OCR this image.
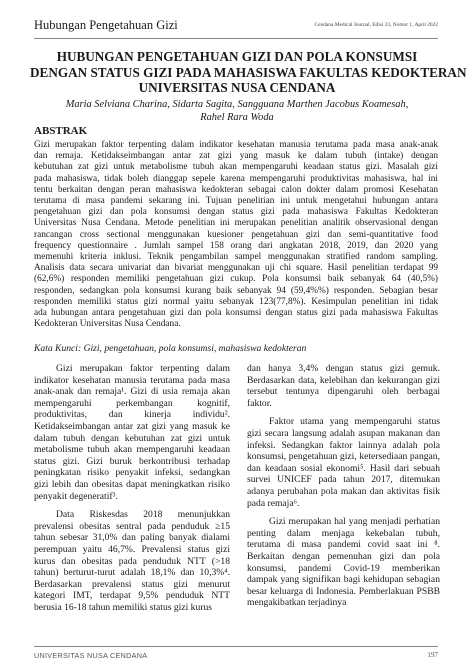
Hubungan Pengetahuan Gizi	Cendana Medical Journal, Edisi 23, Nomor 1, April 2022
HUBUNGAN PENGETAHUAN GIZI DAN POLA KONSUMSI
DENGAN STATUS GIZI PADA MAHASISWA FAKULTAS KEDOKTERAN
UNIVERSITAS NUSA CENDANA
Maria Selviana Charina, Sidarta Sagita, Sangguana Marthen Jacobus Koamesah,
Rahel Rara Woda
ABSTRAK
Gizi merupakan faktor terpenting dalam indikator kesehatan manusia terutama pada masa anak-anak
dan remaja. Ketidakseimbangan antar zat gizi yang masuk ke dalam tubuh (intake) dengan
kebutuhan zat gizi untuk metabolisme tubuh akan mempengaruhi keadaan status gizi. Masalah gizi
pada mahasiswa, tidak boleh dianggap sepele karena mempengaruhi produktivitas mahasiswa, hal ini
tentu berkaitan dengan peran mahasiswa kedokteran sebagai calon dokter dalam promosi Kesehatan
terutama di masa pandemi sekarang ini. Tujuan penelitian ini untuk mengetahui hubungan antara
pengetahuan gizi dan pola konsumsi dengan status gizi pada mahasiswa Fakultas Kedokteran
Universitas Nusa Cendana. Metode penelitian ini merupakan penelitian analitik observasional dengan
rancangan cross sectional menggunakan kuesioner pengetahuan gizi dan semi-quantitative food
frequency questionnaire . Jumlah sampel 158 orang dari angkatan 2018, 2019, dan 2020 yang
memenuhi kriteria inklusi. Teknik pengambilan sampel menggunakan stratified random sampling.
Analisis data secara univariat dan bivariat menggunakan uji chi square. Hasil penelitian terdapat 99
(62,6%) responden memiliki pengetahuan gizi cukup. Pola konsumsi baik sebanyak 64 (40,5%)
responden, sedangkan pola konsumsi kurang baik sebanyak 94 (59,4%%) responden. Sebagian besar
responden memiliki status gizi normal yaitu sebanyak 123(77,8%). Kesimpulan penelitian ini tidak
ada hubungan antara pengetahuan gizi dan pola konsumsi dengan status gizi pada mahasiswa Fakultas
Kedokteran Universitas Nusa Cendana.
Kata Kunci: Gizi, pengetahuan, pola konsumsi, mahasiswa kedokteran

Gizi merupakan faktor terpenting dalam indikator kesehatan manusia terutama pada masa anak-anak dan remaja¹. Gizi di usia remaja akan mempengaruhi perkembangan kognitif, produktivitas, dan kinerja individu². Ketidakseimbangan antar zat gizi yang masuk ke dalam tubuh dengan kebutuhan zat gizi untuk metabolisme tubuh akan mempengaruhi keadaan status gizi. Gizi buruk berkontribusi terhadap peningkatan risiko penyakit infeksi, sedangkan gizi lebih dan obesitas dapat meningkatkan risiko penyakit degeneratif³.

Data Riskesdas 2018 menunjukkan prevalensi obesitas sentral pada penduduk ≥15 tahun sebesar 31,0% dan paling banyak dialami perempuan yaitu 46,7%. Prevalensi status gizi kurus dan obesitas pada penduduk NTT (>18 tahun) berturut-turut adalah 18,1% dan 10,3%⁴. Berdasarkan prevalensi status gizi menurut kategori IMT, terdapat 9,5% penduduk NTT berusia 16-18 tahun memiliki status gizi kurus

dan hanya 3,4% dengan status gizi gemuk. Berdasarkan data, kelebihan dan kekurangan gizi tersebut tentunya dipengaruhi oleh berbagai faktor.

Faktor utama yang mempengaruhi status gizi secara langsung adalah asupan makanan dan infeksi. Sedangkan faktor lainnya adalah pola konsumsi, pengetahuan gizi, ketersediaan pangan, dan keadaan sosial ekonomi⁵. Hasil dari sebuah survei UNICEF pada tahun 2017, ditemukan adanya perubahan pola makan dan aktivitas fisik pada remaja⁶.

Gizi merupakan hal yang menjadi perhatian penting dalam menjaga kekebalan tubuh, terutama di masa pandemi covid saat ini ⁸. Berkaitan dengan pemenuhan gizi dan pola konsumsi, pandemi Covid-19 memberikan dampak yang signifikan bagi kehidupan sebagian besar keluarga di Indonesia. Pemberlakuan PSBB mengakibatkan terjadinya

UNIVERSITAS NUSA CENDANA	197
